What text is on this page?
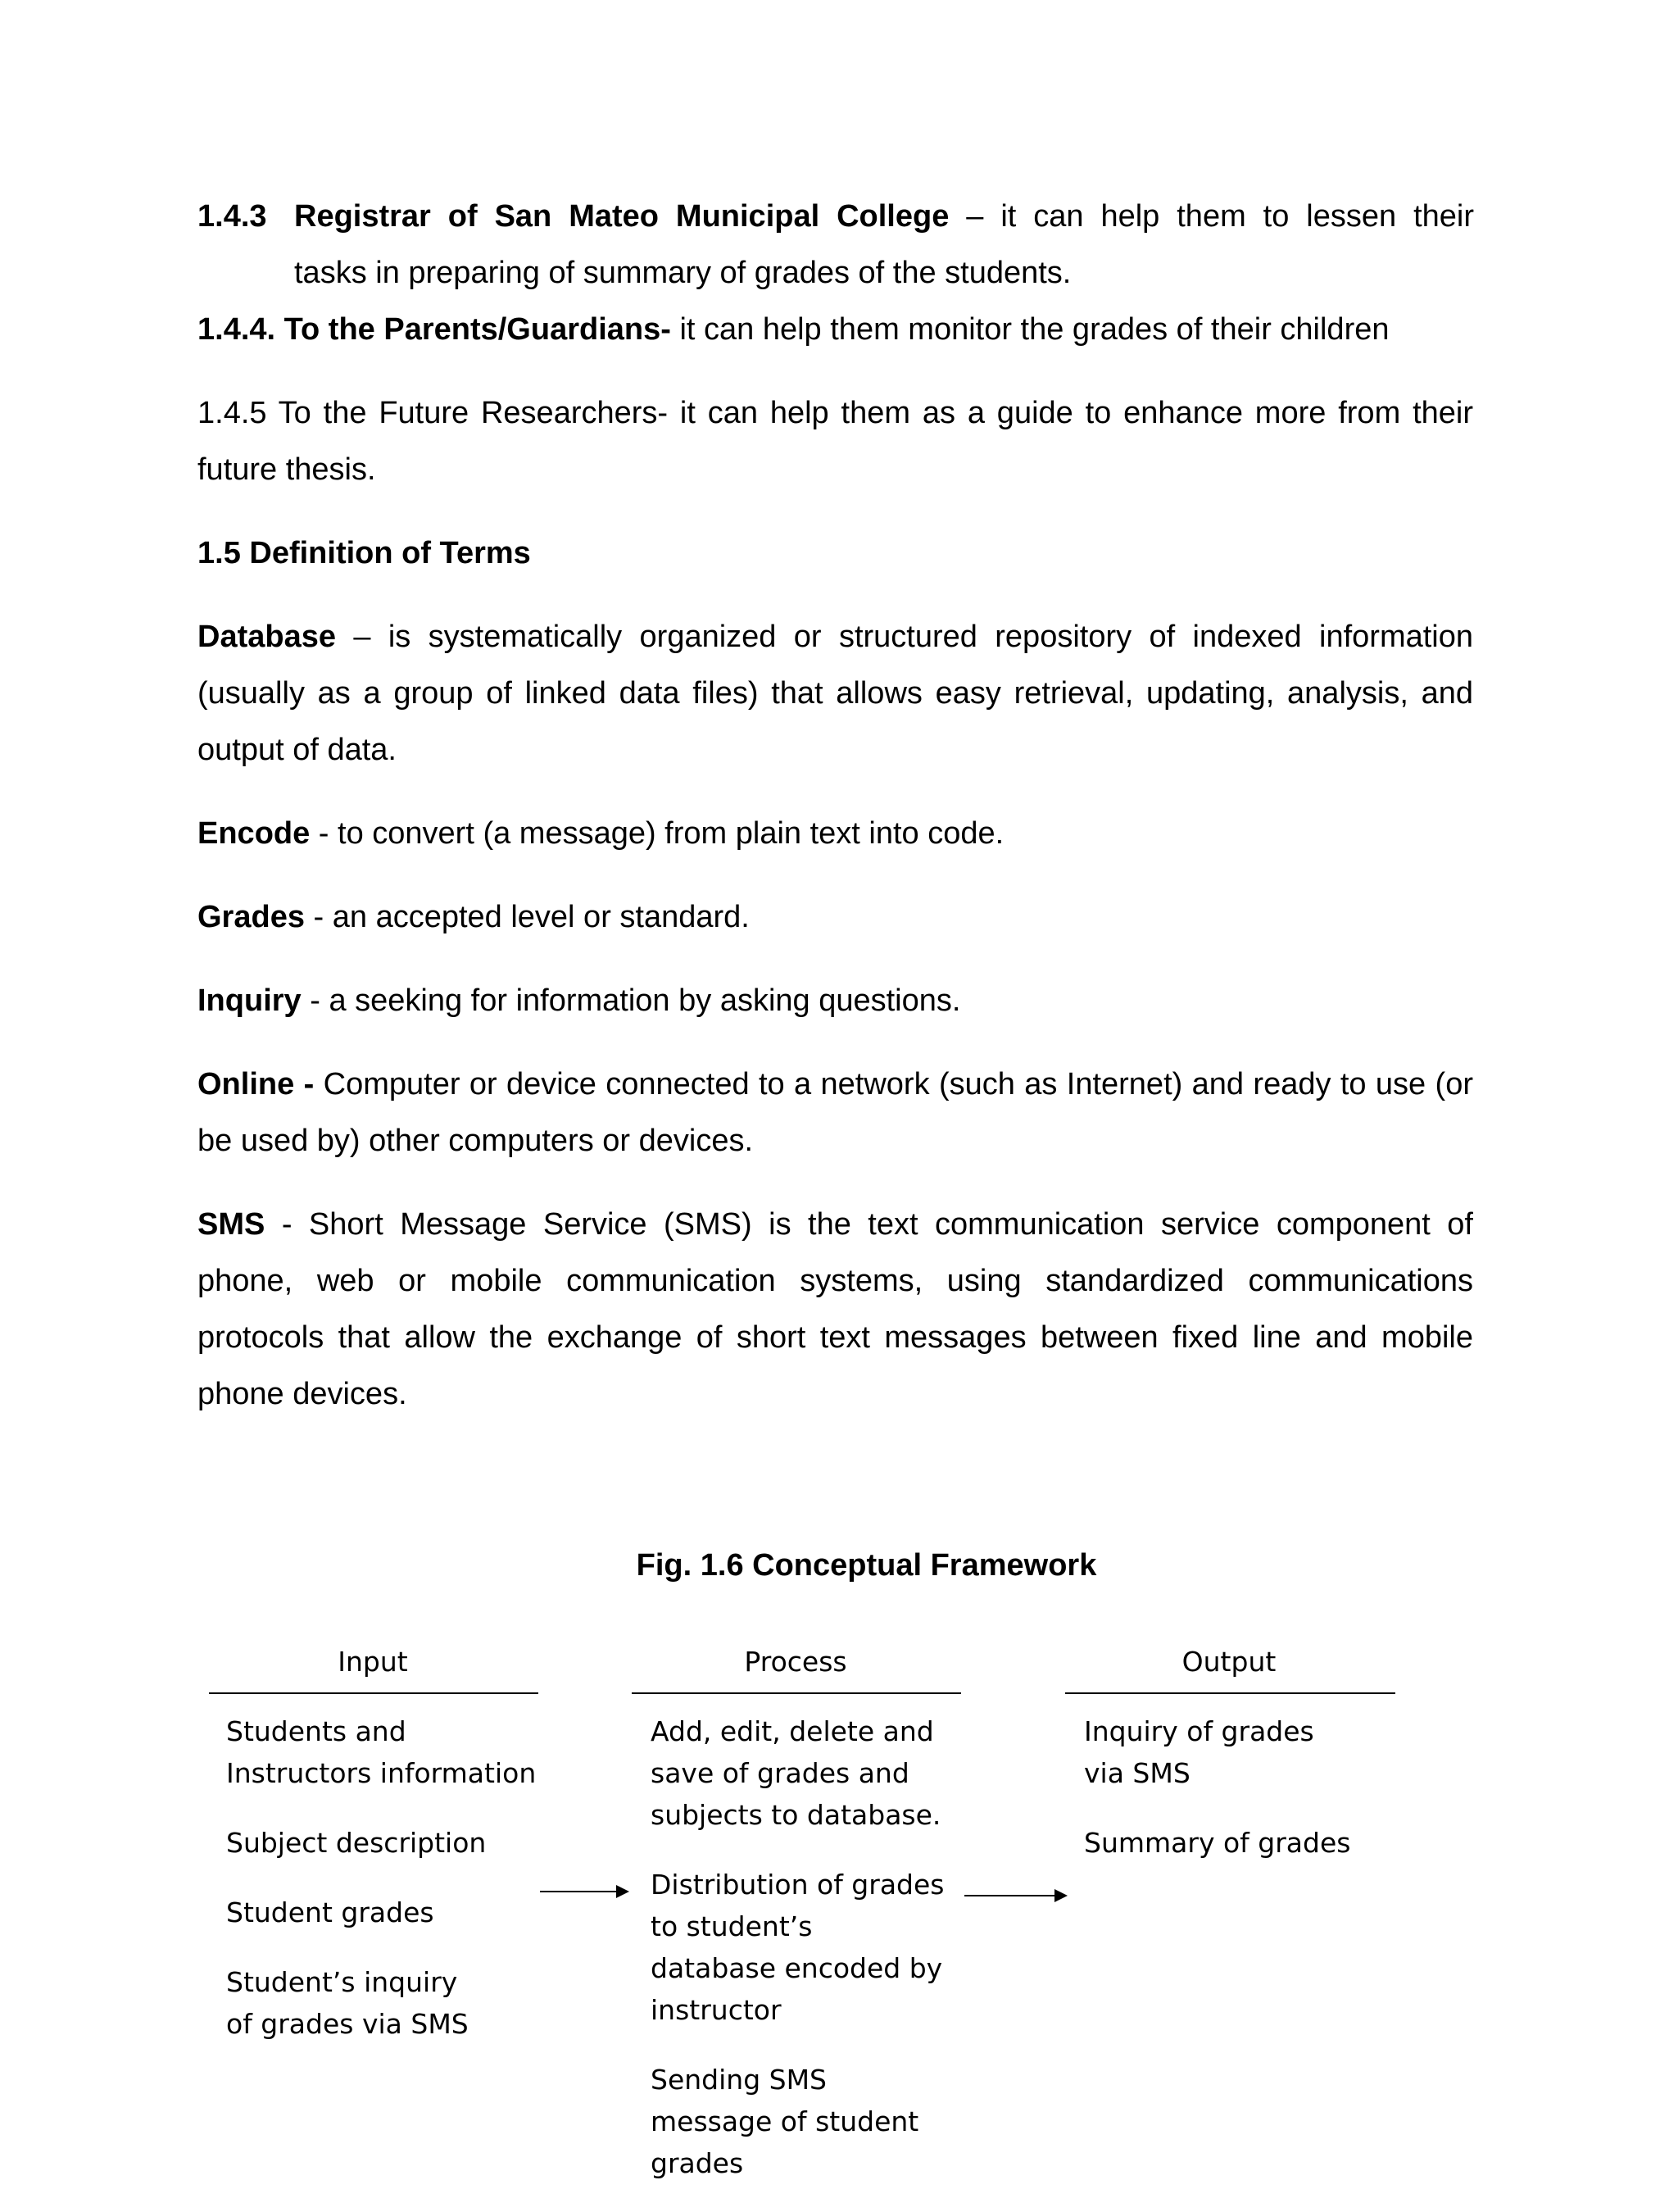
1.4.3 Registrar of San Mateo Municipal College – it can help them to lessen their
tasks in preparing of summary of grades of the students.
1.4.4. To the Parents/Guardians- it can help them monitor the grades of their children
1.4.5 To the Future Researchers- it can help them as a guide to enhance more from their future thesis.
1.5 Definition of Terms
Database – is systematically organized or structured repository of indexed information (usually as a group of linked data files) that allows easy retrieval, updating, analysis, and output of data.
Encode - to convert (a message) from plain text into code.
Grades - an accepted level or standard.
Inquiry - a seeking for information by asking questions.
Online - Computer or device connected to a network (such as Internet) and ready to use (or be used by) other computers or devices.
SMS - Short Message Service (SMS) is the text communication service component of phone, web or mobile communication systems, using standardized communications protocols that allow the exchange of short text messages between fixed line and mobile phone devices.
Fig. 1.6 Conceptual Framework
Input
Students and Instructors information
Subject description
Student grades
Student’s inquiry of grades via SMS
Process
Add, edit, delete and save of grades and subjects to database.
Distribution of grades to student’s database encoded by instructor
Sending SMS message of student grades
Output
Inquiry of grades via SMS
Summary of grades
